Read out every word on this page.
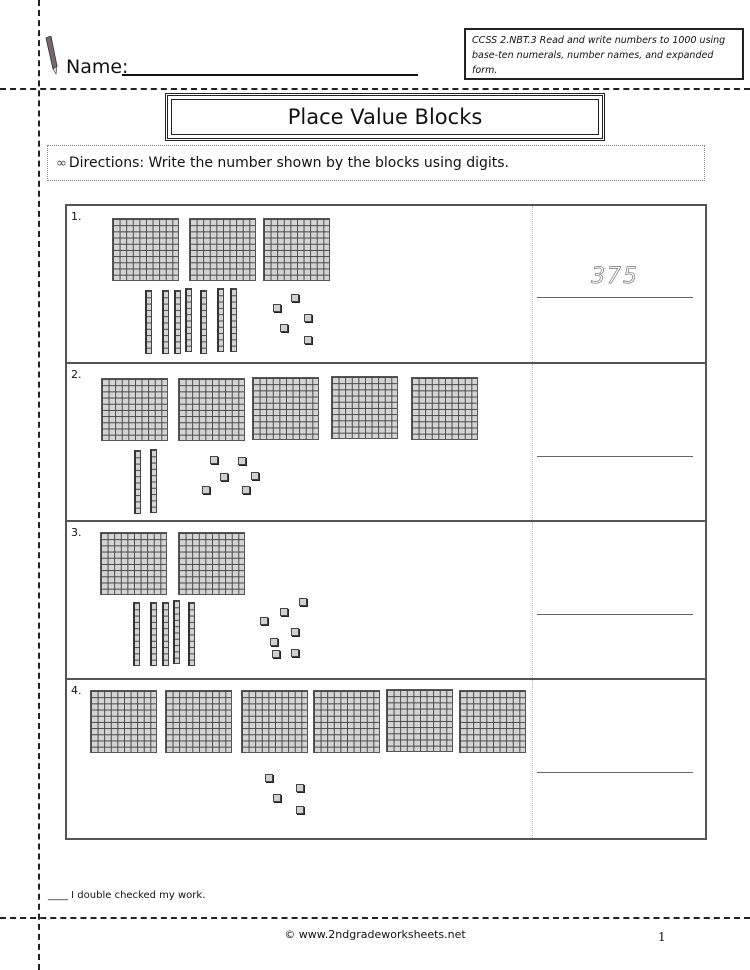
Name:
CCSS 2.NBT.3 Read and write numbers to 1000 using base-ten numerals, number names, and expanded form.
Place Value Blocks
∞ Directions: Write the number shown by the blocks using digits.
1.
375
2.
3.
4.
____ I double checked my work.
© www.2ndgradeworksheets.net	1
